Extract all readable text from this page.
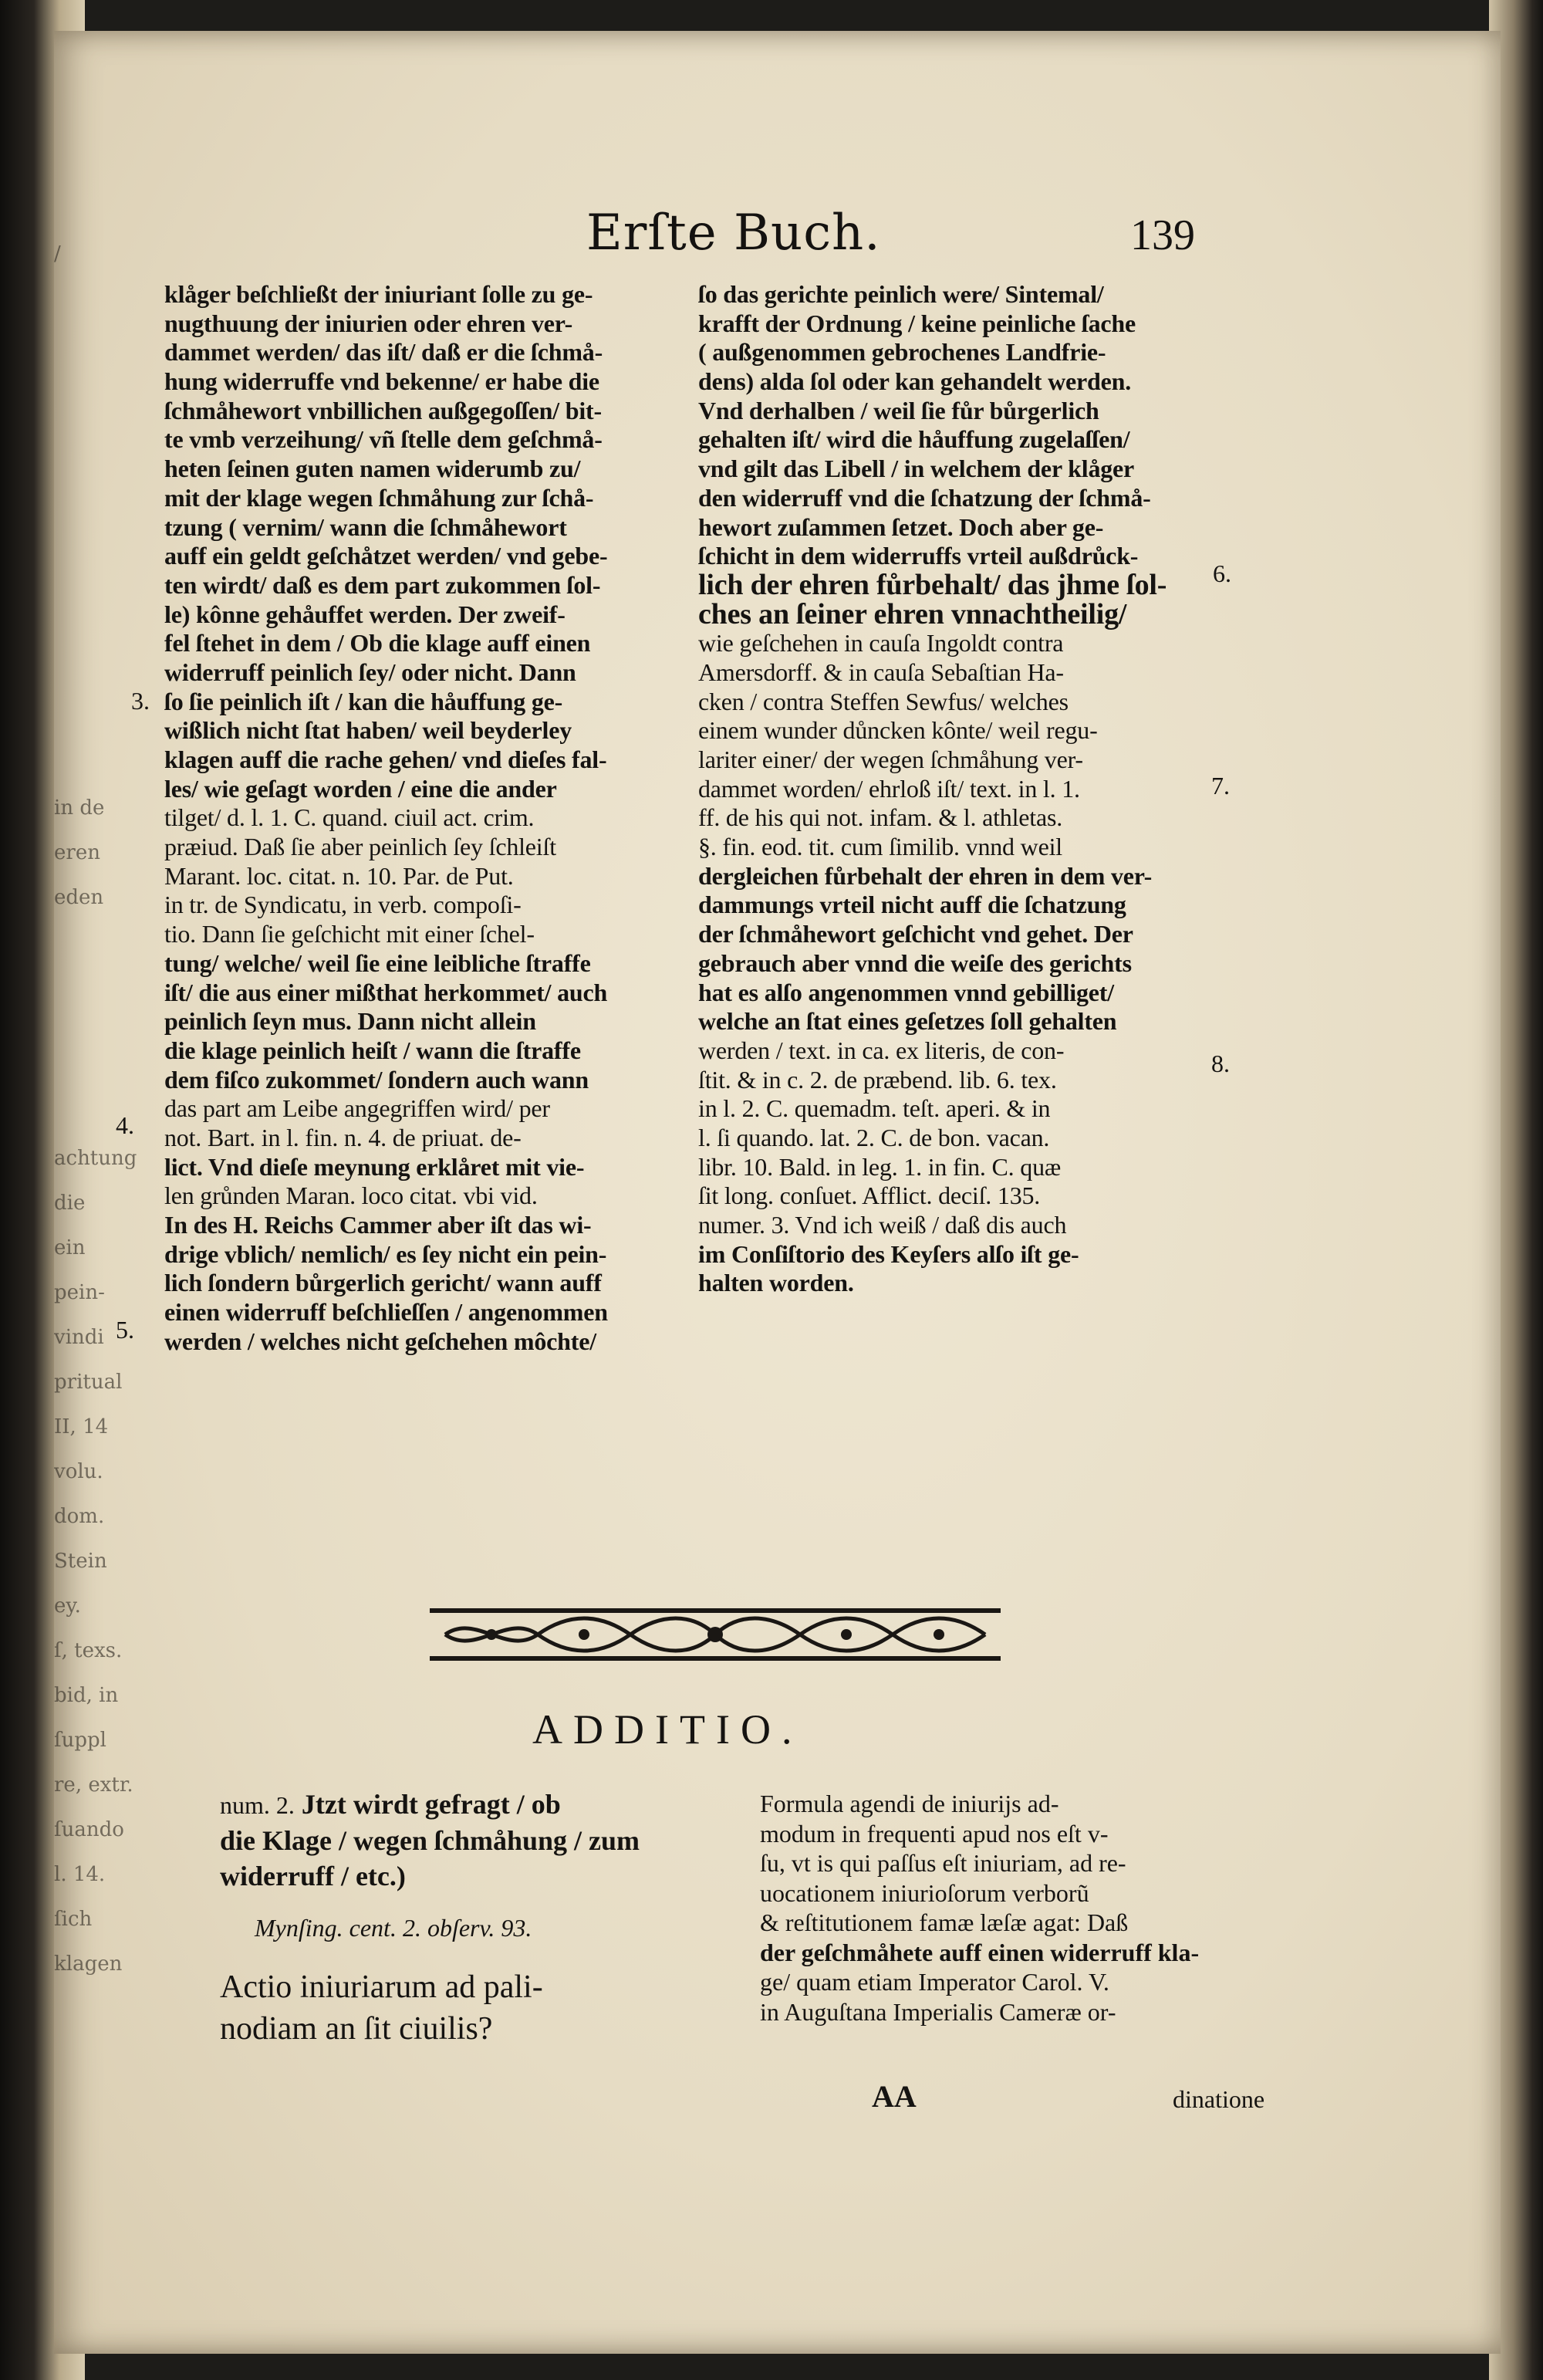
/
in de
eren
eden
achtung
die
ein
pein-
vindi
pritual
II, 14
volu.
dom.
Stein
ey.
ſ, texs.
bid, in
ſuppl
re, extr.
ſuando
l. 14.
ſich
klagen
Erſte Buch.	139
klåger beſchließt der iniuriant ſolle zu ge-
nugthuung der iniurien oder ehren ver-
dammet werden/ das iſt/ daß er die ſchmå-
hung widerruffe vnd bekenne/ er habe die
ſchmåhewort vnbillichen außgegoſſen/ bit-
te vmb verzeihung/ vñ ſtelle dem geſchmå-
heten ſeinen guten namen widerumb zu/
mit der klage wegen ſchmåhung zur ſchå-
tzung ( vernim/ wann die ſchmåhewort
auff ein geldt geſchåtzet werden/ vnd gebe-
ten wirdt/ daß es dem part zukommen ſol-
le) kônne gehåuffet werden. Der zweif-
fel ſtehet in dem / Ob die klage auff einen
widerruff peinlich ſey/ oder nicht. Dann
ſo ſie peinlich iſt / kan die håuffung ge-
wißlich nicht ſtat haben/ weil beyderley
klagen auff die rache gehen/ vnd dieſes fal-
les/ wie geſagt worden / eine die ander
tilget/ d. l. 1. C. quand. ciuil act. crim.
præiud. Daß ſie aber peinlich ſey ſchleiſt
Marant. loc. citat. n. 10. Par. de Put.
in tr. de Syndicatu, in verb. compoſi-
tio. Dann ſie geſchicht mit einer ſchel-
tung/ welche/ weil ſie eine leibliche ſtraffe
iſt/ die aus einer mißthat herkommet/ auch
peinlich ſeyn mus. Dann nicht allein
die klage peinlich heiſt / wann die ſtraffe
dem fiſco zukommet/ ſondern auch wann
das part am Leibe angegriffen wird/ per
not. Bart. in l. fin. n. 4. de priuat. de-
lict. Vnd dieſe meynung erklåret mit vie-
len grůnden Maran. loco citat. vbi vid.
In des H. Reichs Cammer aber iſt das wi-
drige vblich/ nemlich/ es ſey nicht ein pein-
lich ſondern bůrgerlich gericht/ wann auff
einen widerruff beſchlieſſen / angenommen
werden / welches nicht geſchehen môchte/
ſo das gerichte peinlich were/ Sintemal/
krafft der Ordnung / keine peinliche ſache
( außgenommen gebrochenes Landfrie-
dens) alda ſol oder kan gehandelt werden.
Vnd derhalben / weil ſie fůr bůrgerlich
gehalten iſt/ wird die håuffung zugelaſſen/
vnd gilt das Libell / in welchem der klåger
den widerruff vnd die ſchatzung der ſchmå-
hewort zuſammen ſetzet. Doch aber ge-
ſchicht in dem widerruffs vrteil außdrůck-
lich der ehren fůrbehalt/ das jhme ſol-
ches an ſeiner ehren vnnachtheilig/
wie geſchehen in cauſa Ingoldt contra
Amersdorff. & in cauſa Sebaſtian Ha-
cken / contra Steffen Sewfus/ welches
einem wunder důncken kônte/ weil regu-
lariter einer/ der wegen ſchmåhung ver-
dammet worden/ ehrloß iſt/ text. in l. 1.
ff. de his qui not. infam. & l. athletas.
§. fin. eod. tit. cum ſimilib. vnnd weil
dergleichen fůrbehalt der ehren in dem ver-
dammungs vrteil nicht auff die ſchatzung
der ſchmåhewort geſchicht vnd gehet. Der
gebrauch aber vnnd die weiſe des gerichts
hat es alſo angenommen vnnd gebilliget/
welche an ſtat eines geſetzes ſoll gehalten
werden / text. in ca. ex literis, de con-
ſtit. & in c. 2. de præbend. lib. 6. tex.
in l. 2. C. quemadm. teſt. aperi. & in
l. ſi quando. lat. 2. C. de bon. vacan.
libr. 10. Bald. in leg. 1. in fin. C. quæ
ſit long. conſuet. Afflict. deciſ. 135.
numer. 3. Vnd ich weiß / daß dis auch
im Conſiſtorio des Keyſers alſo iſt ge-
halten worden.
3.
4.
5.
6.
7.
8.
ADDITIO.
num. 2. Jtzt wirdt gefragt / ob
die Klage / wegen ſchmåhung / zum
widerruff / etc.)
Mynſing. cent. 2. obſerv. 93.
Actio iniuriarum ad pali-
nodiam an ſit ciuilis?
Formula agendi de iniurijs ad-
modum in frequenti apud nos eſt v-
ſu, vt is qui paſſus eſt iniuriam, ad re-
uocationem iniurioſorum verborũ
& reſtitutionem famæ læſæ agat: Daß
der geſchmåhete auff einen widerruff kla-
ge/ quam etiam Imperator Carol. V.
in Auguſtana Imperialis Cameræ or-
AA	dinatione
